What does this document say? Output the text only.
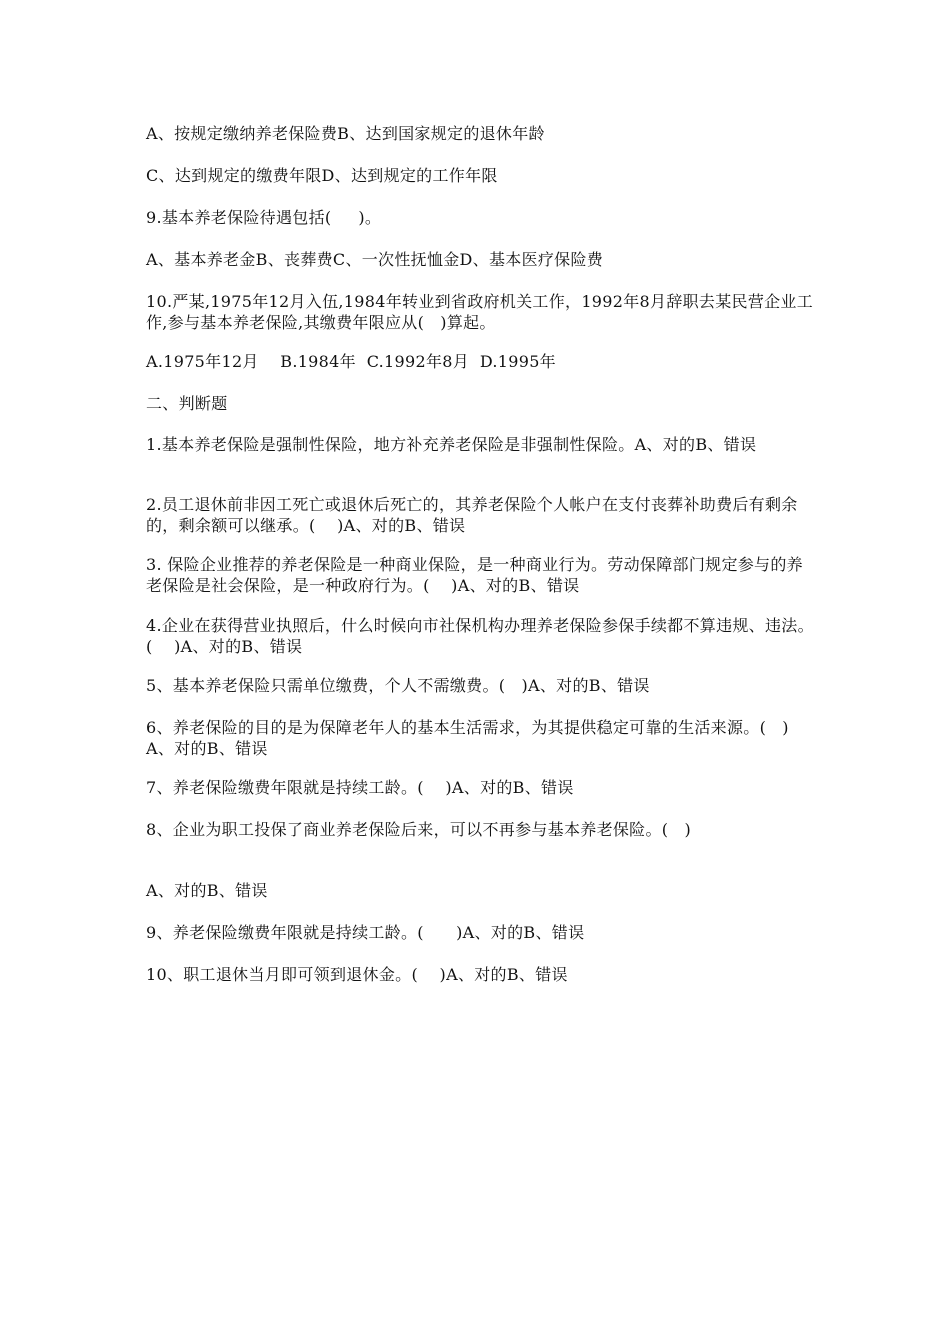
A、按规定缴纳养老保险费B、达到国家规定的退休年龄
C、达到规定的缴费年限D、达到规定的工作年限
9.基本养老保险待遇包括(     )。
A、基本养老金B、丧葬费C、一次性抚恤金D、基本医疗保险费
10.严某,1975年12月入伍,1984年转业到省政府机关工作，1992年8月辞职去某民营企业工作,参与基本养老保险,其缴费年限应从(   )算起。
A.1975年12月    B.1984年  C.1992年8月  D.1995年
二、判断题
1.基本养老保险是强制性保险，地方补充养老保险是非强制性保险。A、对的B、错误
2.员工退休前非因工死亡或退休后死亡的，其养老保险个人帐户在支付丧葬补助费后有剩余的，剩余额可以继承。(    )A、对的B、错误
3. 保险企业推荐的养老保险是一种商业保险，是一种商业行为。劳动保障部门规定参与的养老保险是社会保险，是一种政府行为。(    )A、对的B、错误
4.企业在获得营业执照后，什么时候向市社保机构办理养老保险参保手续都不算违规、违法。(    )A、对的B、错误
5、基本养老保险只需单位缴费，个人不需缴费。(   )A、对的B、错误
6、养老保险的目的是为保障老年人的基本生活需求，为其提供稳定可靠的生活来源。(   )A、对的B、错误
7、养老保险缴费年限就是持续工龄。(    )A、对的B、错误
8、企业为职工投保了商业养老保险后来，可以不再参与基本养老保险。(   )
A、对的B、错误
9、养老保险缴费年限就是持续工龄。(      )A、对的B、错误
10、职工退休当月即可领到退休金。(    )A、对的B、错误
